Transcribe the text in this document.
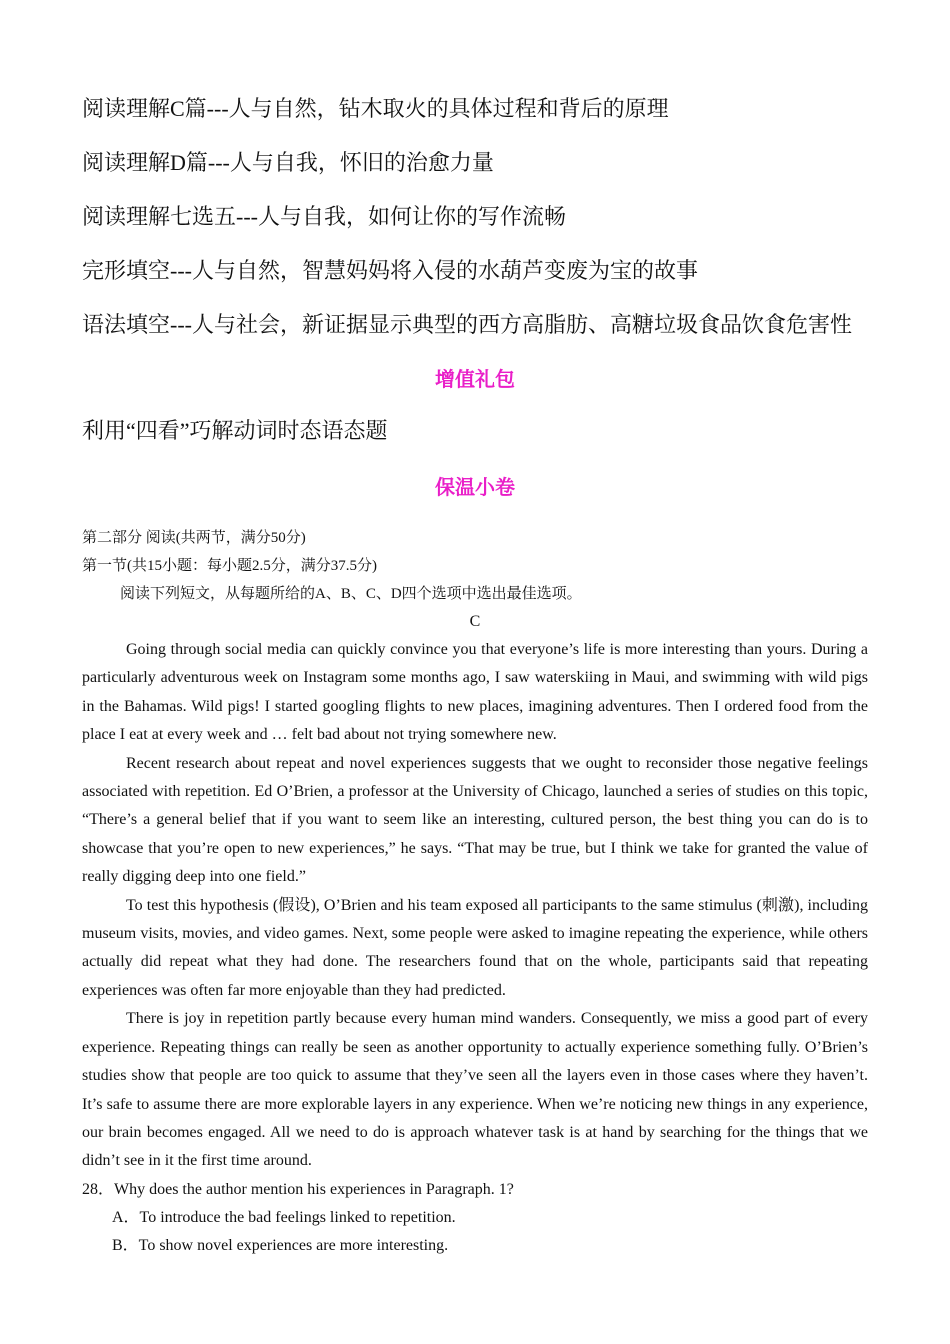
阅读理解C篇---人与自然，钻木取火的具体过程和背后的原理

阅读理解D篇---人与自我，怀旧的治愈力量

阅读理解七选五---人与自我，如何让你的写作流畅

完形填空---人与自然，智慧妈妈将入侵的水葫芦变废为宝的故事

语法填空---人与社会，新证据显示典型的西方高脂肪、高糖垃圾食品饮食危害性

增值礼包

利用“四看”巧解动词时态语态题

保温小卷

第二部分 阅读(共两节，满分50分)

第一节(共15小题：每小题2.5分，满分37.5分)

阅读下列短文，从每题所给的A、B、C、D四个选项中选出最佳选项。

C

Going through social media can quickly convince you that everyone’s life is more interesting than yours. During a particularly adventurous week on Instagram some months ago, I saw waterskiing in Maui, and swimming with wild pigs in the Bahamas. Wild pigs! I started googling flights to new places, imagining adventures. Then I ordered food from the place I eat at every week and … felt bad about not trying somewhere new.

Recent research about repeat and novel experiences suggests that we ought to reconsider those negative feelings associated with repetition. Ed O’Brien, a professor at the University of Chicago, launched a series of studies on this topic, “There’s a general belief that if you want to seem like an interesting, cultured person, the best thing you can do is to showcase that you’re open to new experiences,” he says. “That may be true, but I think we take for granted the value of really digging deep into one field.”

To test this hypothesis (假设), O’Brien and his team exposed all participants to the same stimulus (刺激), including museum visits, movies, and video games. Next, some people were asked to imagine repeating the experience, while others actually did repeat what they had done. The researchers found that on the whole, participants said that repeating experiences was often far more enjoyable than they had predicted.

There is joy in repetition partly because every human mind wanders. Consequently, we miss a good part of every experience. Repeating things can really be seen as another opportunity to actually experience something fully. O’Brien’s studies show that people are too quick to assume that they’ve seen all the layers even in those cases where they haven’t. It’s safe to assume there are more explorable layers in any experience. When we’re noticing new things in any experience, our brain becomes engaged. All we need to do is approach whatever task is at hand by searching for the things that we didn’t see in it the first time around.

28．Why does the author mention his experiences in Paragraph. 1?

A．To introduce the bad feelings linked to repetition.

B．To show novel experiences are more interesting.
